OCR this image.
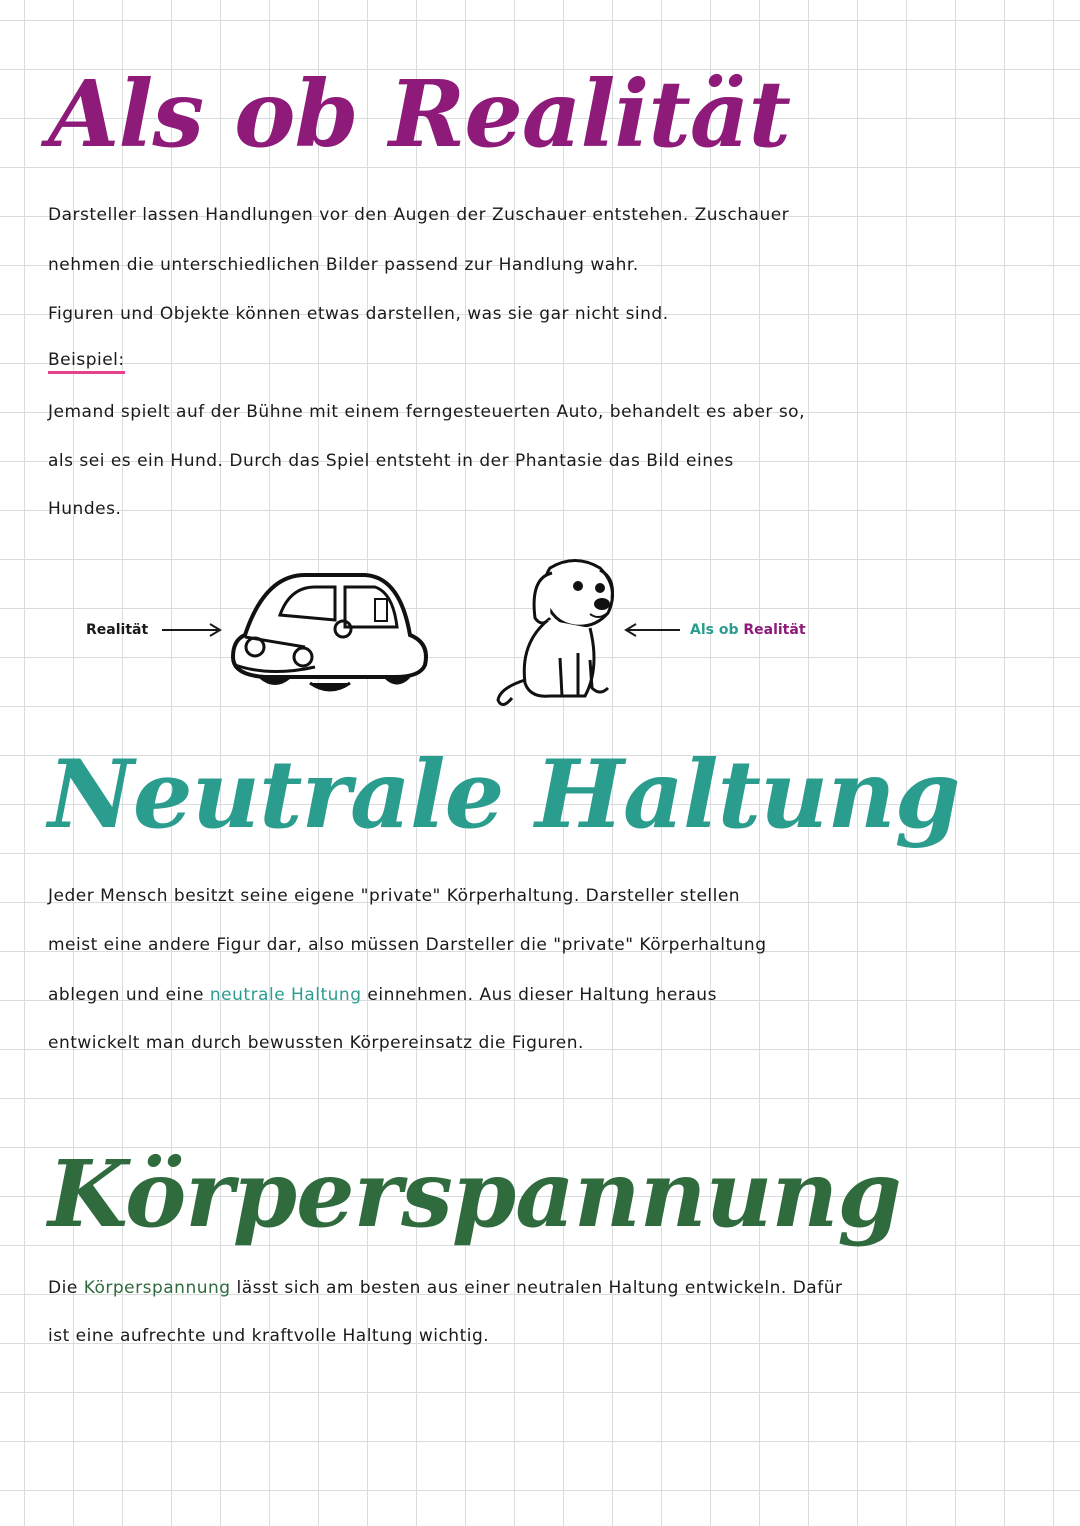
Als ob Realität
Darsteller lassen Handlungen vor den Augen der Zuschauer entstehen. Zuschauer
nehmen die unterschiedlichen Bilder passend zur Handlung wahr.
Figuren und Objekte können etwas darstellen, was sie gar nicht sind.
Beispiel:
Jemand spielt auf der Bühne mit einem ferngesteuerten Auto, behandelt es aber so,
als sei es ein Hund. Durch das Spiel entsteht in der Phantasie das Bild eines
Hundes.
Realität	Als ob Realität
Neutrale Haltung
Jeder Mensch besitzt seine eigene "private" Körperhaltung. Darsteller stellen
meist eine andere Figur dar, also müssen Darsteller die "private" Körperhaltung
ablegen und eine neutrale Haltung einnehmen. Aus dieser Haltung heraus
entwickelt man durch bewussten Körpereinsatz die Figuren.
Körperspannung
Die Körperspannung lässt sich am besten aus einer neutralen Haltung entwickeln. Dafür
ist eine aufrechte und kraftvolle Haltung wichtig.
